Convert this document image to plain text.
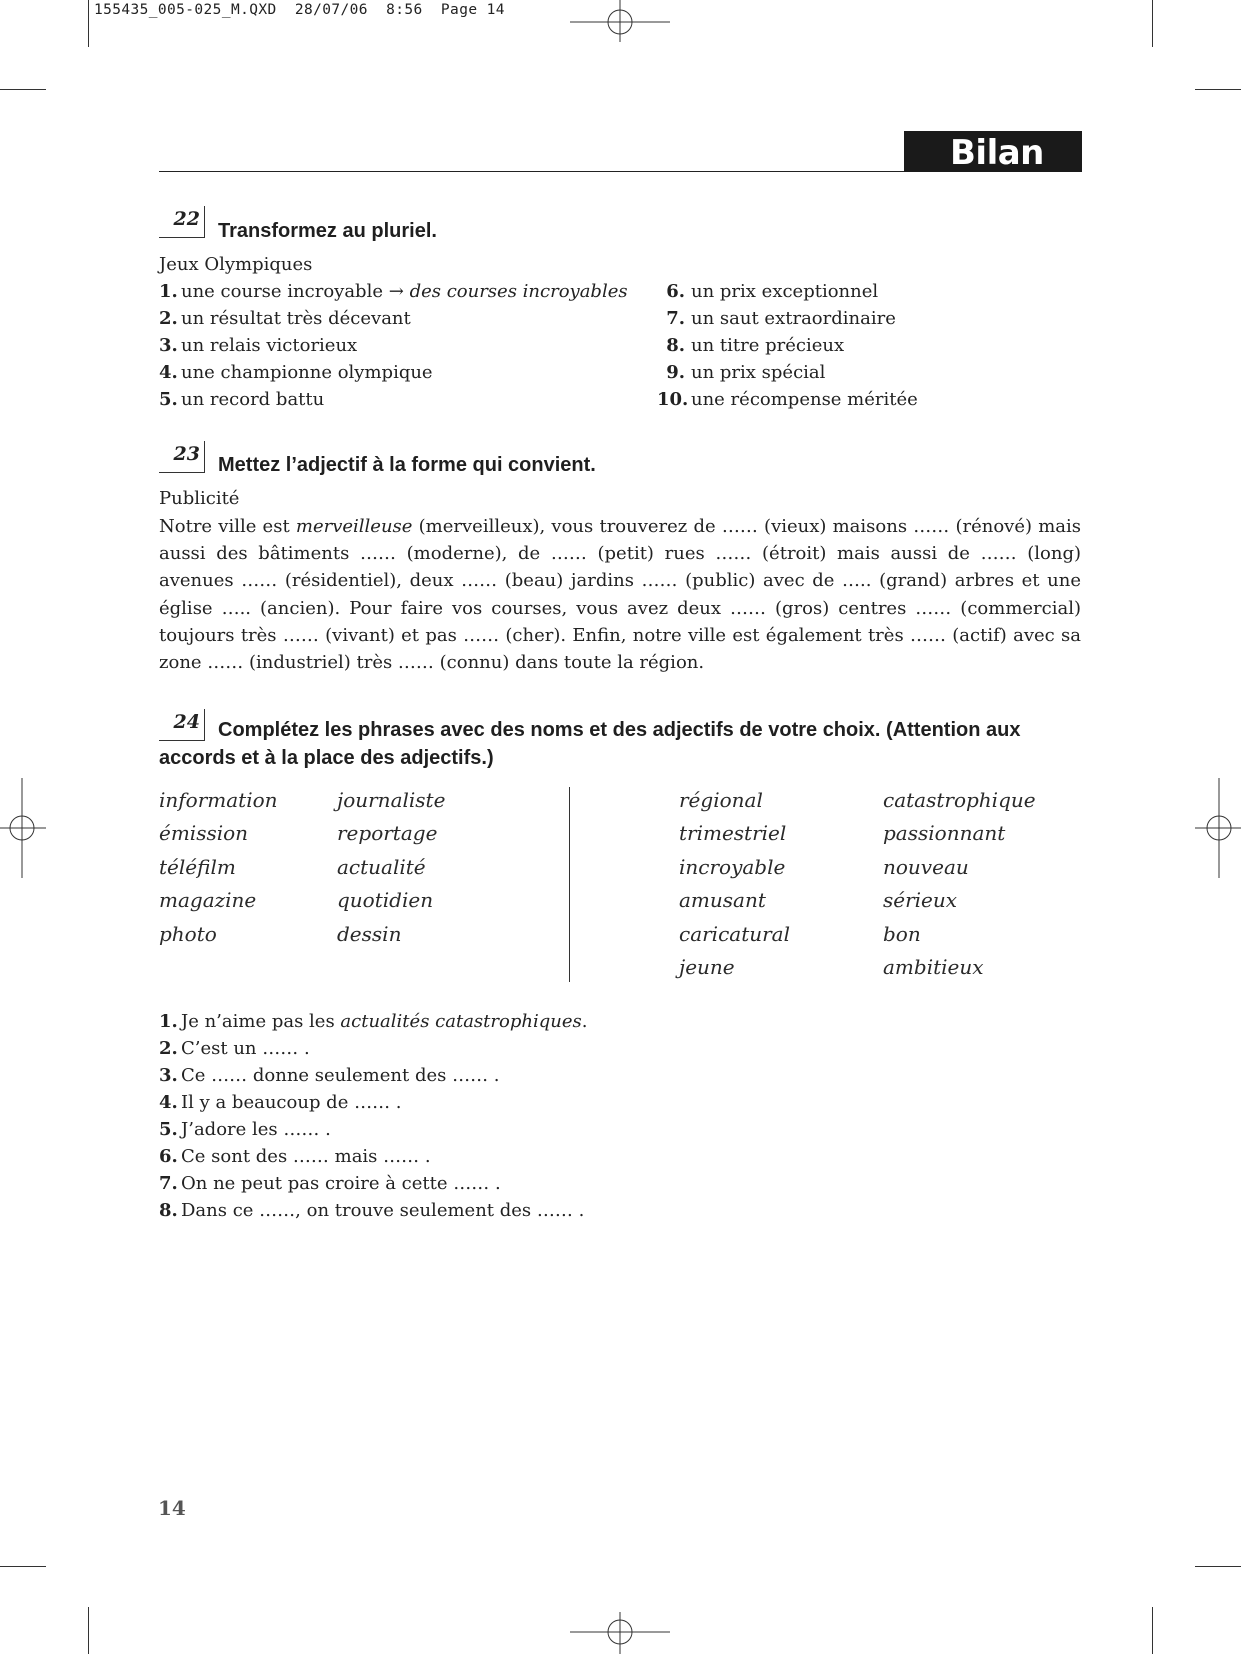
155435_005-025_M.QXD  28/07/06  8:56  Page 14
Bilan
22
Transformez au pluriel.
Jeux Olympiques
1. une course incroyable → des courses incroyables
2. un résultat très décevant
3. un relais victorieux
4. une championne olympique
5. un record battu
6. un prix exceptionnel
7. un saut extraordinaire
8. un titre précieux
9. un prix spécial
10. une récompense méritée
23 Mettez l’adjectif à la forme qui convient.
Publicité
Notre ville est merveilleuse (merveilleux), vous trouverez de …… (vieux) maisons …… (rénové) mais aussi des bâtiments …… (moderne), de …… (petit) rues …… (étroit) mais aussi de …… (long) avenues …… (résidentiel), deux …… (beau) jardins …… (public) avec de ….. (grand) arbres et une église ….. (ancien). Pour faire vos courses, vous avez deux …… (gros) centres …… (commercial) toujours très …… (vivant) et pas …… (cher). Enfin, notre ville est également très …… (actif) avec sa zone …… (industriel) très …… (connu) dans toute la région.
24 Complétez les phrases avec des noms et des adjectifs de votre choix. (Attention aux accords et à la place des adjectifs.)
information
émission
téléfilm
magazine
photo
journaliste
reportage
actualité
quotidien
dessin
régional
trimestriel
incroyable
amusant
caricatural
jeune
catastrophique
passionnant
nouveau
sérieux
bon
ambitieux
1. Je n’aime pas les actualités catastrophiques.
2. C’est un …… .
3. Ce …… donne seulement des …… .
4. Il y a beaucoup de …… .
5. J’adore les …… .
6. Ce sont des …… mais …… .
7. On ne peut pas croire à cette …… .
8. Dans ce ……, on trouve seulement des …… .
14
